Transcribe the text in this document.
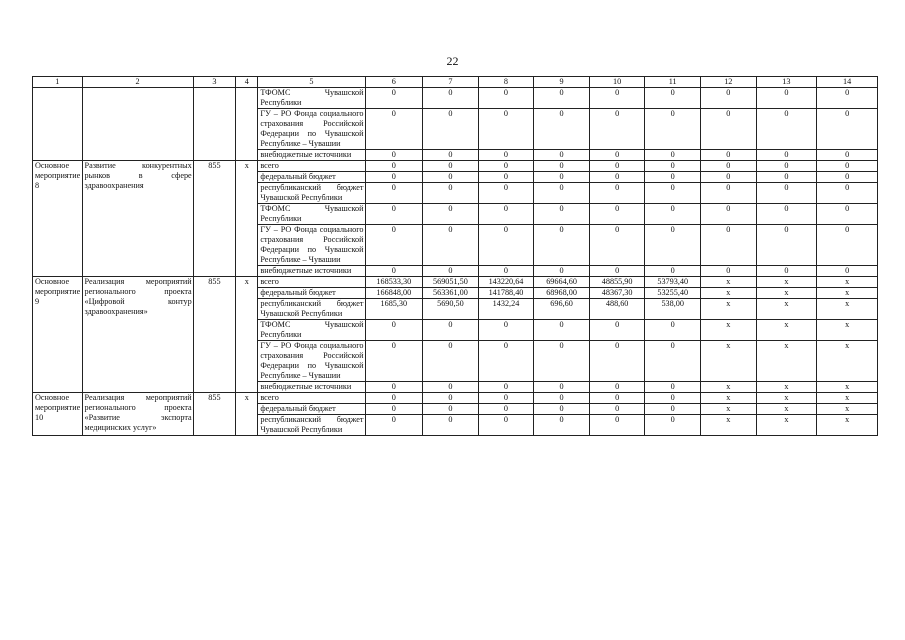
22
1	2	3	4	5	6	7	8	9	10	11	12	13	14
				ТФОМС Чувашской Республики	0	0	0	0	0	0	0	0	0
				ГУ – РО Фонда социального страхования Российской Федерации по Чувашской Республике – Чувашии	0	0	0	0	0	0	0	0	0
				внебюджетные источники	0	0	0	0	0	0	0	0	0
Основное мероприятие 8	Развитие конкурентных рынков в сфере здравоохранения	855	x	всего	0	0	0	0	0	0	0	0	0
				федеральный бюджет	0	0	0	0	0	0	0	0	0
				республиканский бюджет Чувашской Республики	0	0	0	0	0	0	0	0	0
				ТФОМС Чувашской Республики	0	0	0	0	0	0	0	0	0
				ГУ – РО Фонда социального страхования Российской Федерации по Чувашской Республике – Чувашии	0	0	0	0	0	0	0	0	0
				внебюджетные источники	0	0	0	0	0	0	0	0	0
Основное мероприятие 9	Реализация мероприятий регионального проекта «Цифровой контур здравоохранения»	855	x	всего	168533,30	569051,50	143220,64	69664,60	48855,90	53793,40	x	x	x
				федеральный бюджет	166848,00	563361,00	141788,40	68968,00	48367,30	53255,40	x	x	x
				республиканский бюджет Чувашской Республики	1685,30	5690,50	1432,24	696,60	488,60	538,00	x	x	x
				ТФОМС Чувашской Республики	0	0	0	0	0	0	x	x	x
				ГУ – РО Фонда социального страхования Российской Федерации по Чувашской Республике – Чувашии	0	0	0	0	0	0	x	x	x
				внебюджетные источники	0	0	0	0	0	0	x	x	x
Основное мероприятие 10	Реализация мероприятий регионального проекта «Развитие экспорта медицинских услуг»	855	x	всего	0	0	0	0	0	0	x	x	x
				федеральный бюджет	0	0	0	0	0	0	x	x	x
				республиканский бюджет Чувашской Республики	0	0	0	0	0	0	x	x	x
